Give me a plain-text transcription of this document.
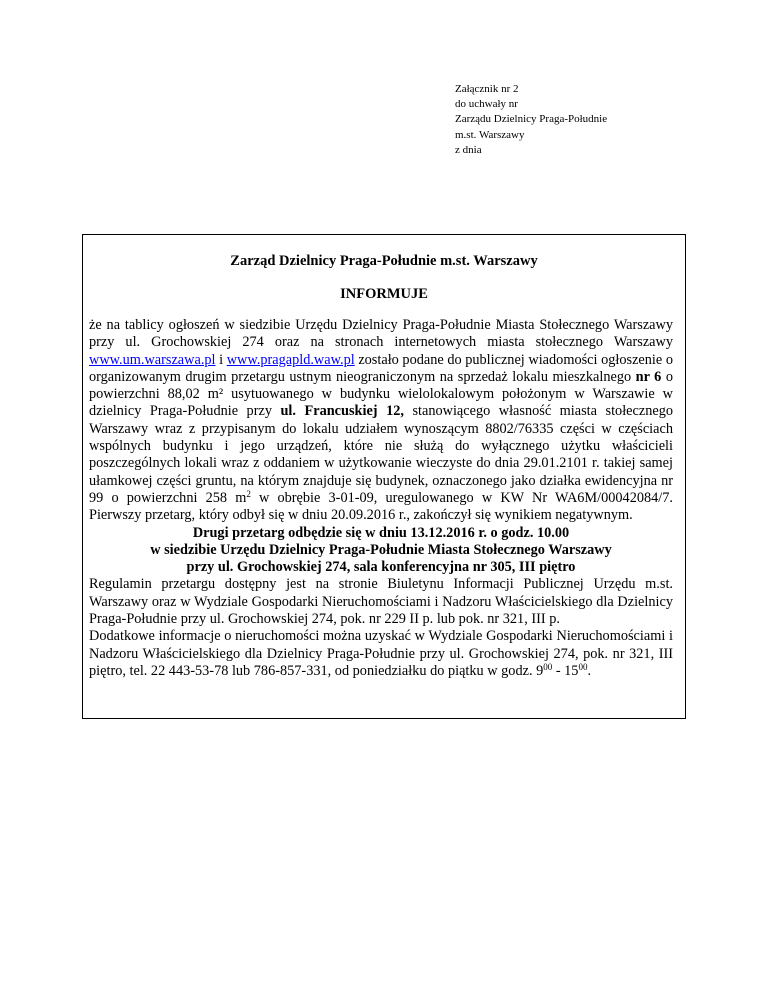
Załącznik nr 2
do uchwały nr
Zarządu Dzielnicy Praga-Południe
m.st. Warszawy
z dnia
Zarząd Dzielnicy Praga-Południe m.st. Warszawy
INFORMUJE

że na tablicy ogłoszeń w siedzibie Urzędu Dzielnicy Praga-Południe Miasta Stołecznego Warszawy przy ul. Grochowskiej 274 oraz na stronach internetowych miasta stołecznego Warszawy www.um.warszawa.pl i www.pragapld.waw.pl zostało podane do publicznej wiadomości ogłoszenie o organizowanym drugim przetargu ustnym nieograniczonym na sprzedaż lokalu mieszkalnego nr 6 o powierzchni 88,02 m² usytuowanego w budynku wielolokalowym położonym w Warszawie w dzielnicy Praga-Południe przy ul. Francuskiej 12, stanowiącego własność miasta stołecznego Warszawy wraz z przypisanym do lokalu udziałem wynoszącym 8802/76335 części w częściach wspólnych budynku i jego urządzeń, które nie służą do wyłącznego użytku właścicieli poszczególnych lokali wraz z oddaniem w użytkowanie wieczyste do dnia 29.01.2101 r. takiej samej ułamkowej części gruntu, na którym znajduje się budynek, oznaczonego jako działka ewidencyjna nr 99 o powierzchni 258 $m^2$ w obrębie 3-01-09, uregulowanego w KW Nr WA6M/00042084/7. Pierwszy przetarg, który odbył się w dniu 20.09.2016 r., zakończył się wynikiem negatywnym.

Drugi przetarg odbędzie się w dniu 13.12.2016 r. o godz. 10.00

w siedzibie Urzędu Dzielnicy Praga-Południe Miasta Stołecznego Warszawy

przy ul. Grochowskiej 274, sala konferencyjna nr 305, III piętro

Regulamin przetargu dostępny jest na stronie Biuletynu Informacji Publicznej Urzędu m.st. Warszawy oraz w Wydziale Gospodarki Nieruchomościami i Nadzoru Właścicielskiego dla Dzielnicy Praga-Południe przy ul. Grochowskiej 274, pok. nr 229 II p. lub pok. nr 321, III p.

Dodatkowe informacje o nieruchomości można uzyskać w Wydziale Gospodarki Nieruchomościami i Nadzoru Właścicielskiego dla Dzielnicy Praga-Południe przy ul. Grochowskiej 274, pok. nr 321, III piętro, tel. 22 443-53-78 lub 786-857-331, od poniedziałku do piątku w godz. $9^{00} - 15^{00}$.
